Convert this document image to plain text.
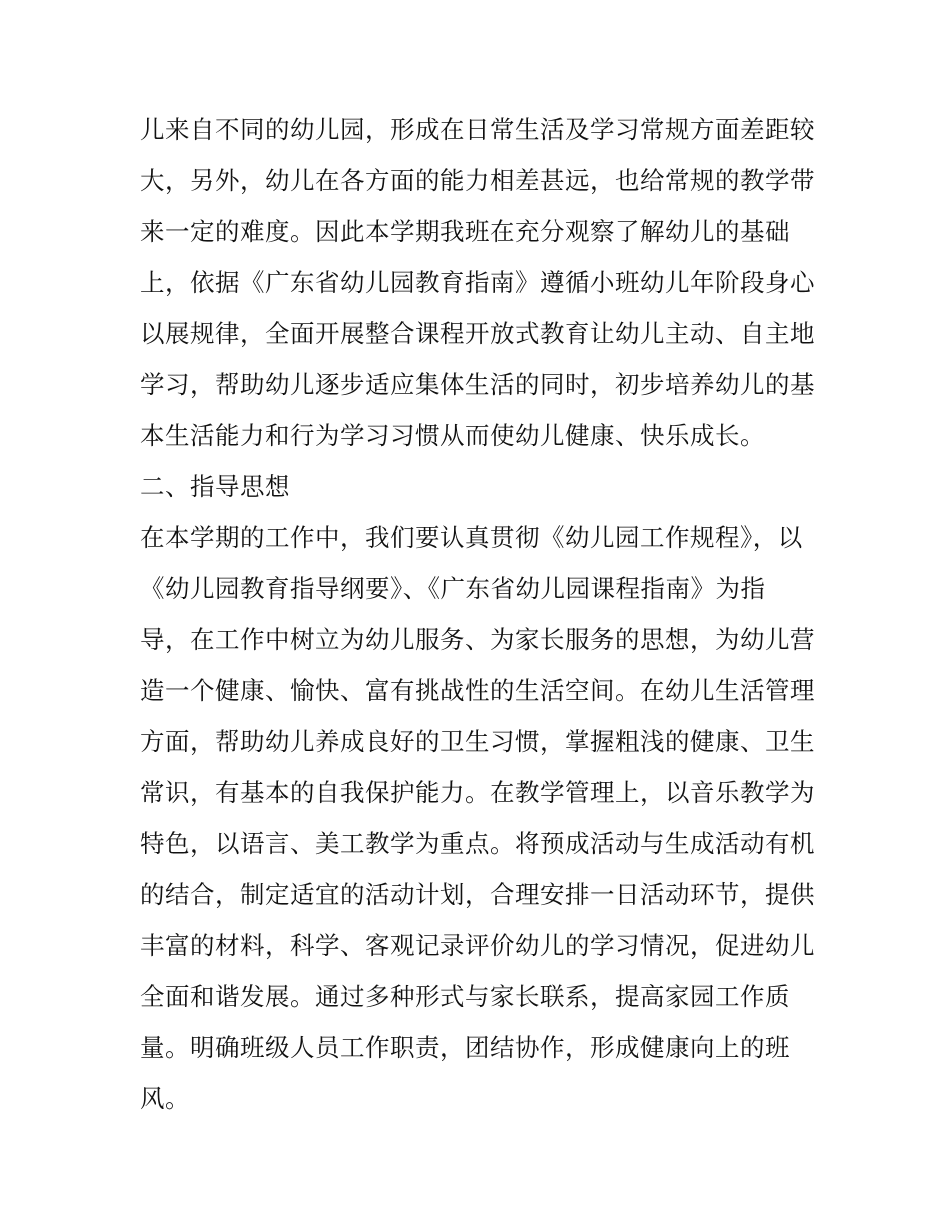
儿来自不同的幼儿园，形成在日常生活及学习常规方面差距较
大，另外，幼儿在各方面的能力相差甚远，也给常规的教学带
来一定的难度。因此本学期我班在充分观察了解幼儿的基础
上，依据《广东省幼儿园教育指南》遵循小班幼儿年阶段身心
以展规律，全面开展整合课程开放式教育让幼儿主动、自主地
学习，帮助幼儿逐步适应集体生活的同时，初步培养幼儿的基
本生活能力和行为学习习惯从而使幼儿健康、快乐成长。
二、指导思想
在本学期的工作中，我们要认真贯彻《幼儿园工作规程》，以
《幼儿园教育指导纲要》、《广东省幼儿园课程指南》为指
导，在工作中树立为幼儿服务、为家长服务的思想，为幼儿营
造一个健康、愉快、富有挑战性的生活空间。在幼儿生活管理
方面，帮助幼儿养成良好的卫生习惯，掌握粗浅的健康、卫生
常识，有基本的自我保护能力。在教学管理上，以音乐教学为
特色，以语言、美工教学为重点。将预成活动与生成活动有机
的结合，制定适宜的活动计划，合理安排一日活动环节，提供
丰富的材料，科学、客观记录评价幼儿的学习情况，促进幼儿
全面和谐发展。通过多种形式与家长联系，提高家园工作质
量。明确班级人员工作职责，团结协作，形成健康向上的班
风。
